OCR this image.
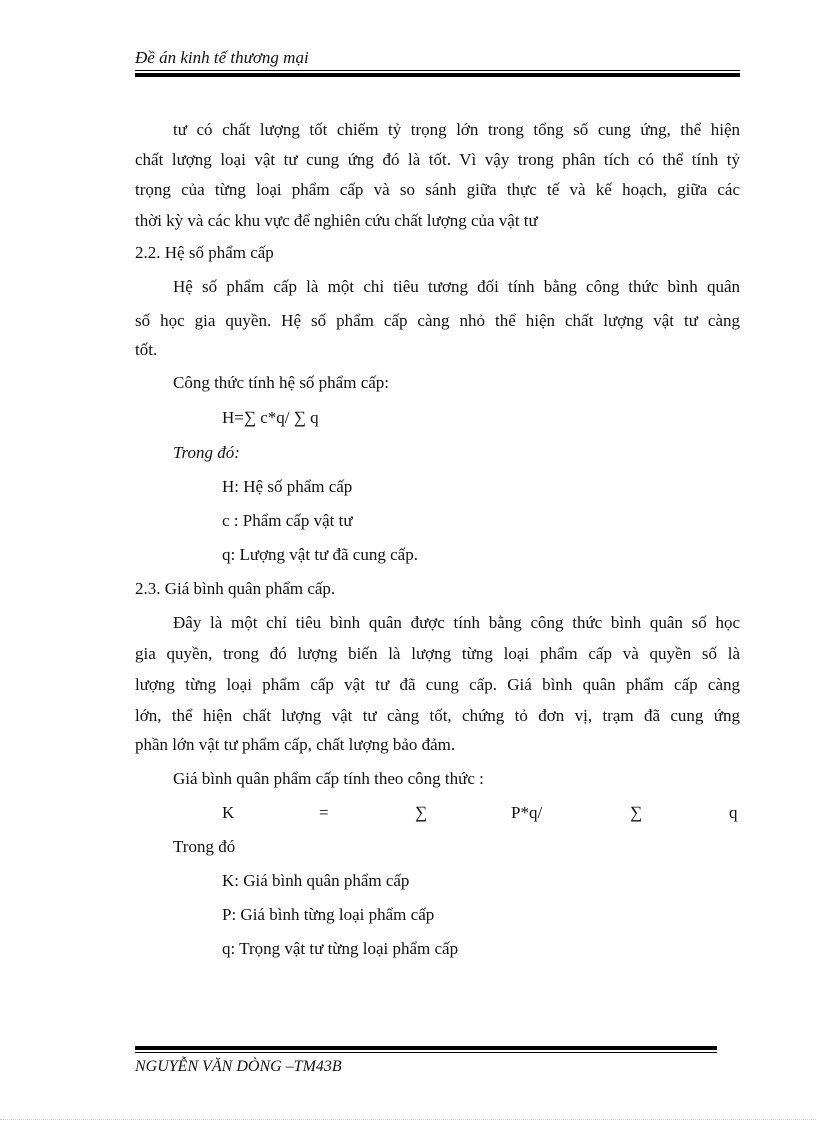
Đề án kinh tế thương mại
tư có chất lượng tốt chiếm tỷ trọng lớn trong tổng số cung ứng, thể hiện
chất lượng loại vật tư cung ứng đó là tốt. Vì vậy trong phân tích có thể tính tỷ
trọng của từng loại phẩm cấp và so sánh giữa thực tế và kế hoạch, giữa các
thời kỳ và các khu vực để nghiên cứu chất lượng của vật tư
2.2. Hệ số phẩm cấp
Hệ số phẩm cấp là một chỉ tiêu tương đối tính bằng công thức bình quân
số học gia quyền. Hệ số phẩm cấp càng nhỏ thể hiện chất lượng vật tư càng
tốt.
Công thức tính hệ số phẩm cấp:
H=∑ c*q/ ∑ q
Trong đó:
H: Hệ số phẩm cấp
c : Phẩm cấp vật tư
q: Lượng vật tư đã cung cấp.
2.3. Giá bình quân phẩm cấp.
Đây là một chỉ tiêu bình quân được tính bằng công thức bình quân số học
gia quyền, trong đó lượng biến là lượng từng loại phẩm cấp và quyền số là
lượng từng loại phẩm cấp vật tư đã cung cấp. Giá bình quân phẩm cấp càng
lớn, thể hiện chất lượng vật tư càng tốt, chứng tỏ đơn vị, trạm đã cung ứng
phần lớn vật tư phẩm cấp, chất lượng bảo đảm.
Giá bình quân phẩm cấp tính theo công thức :
K	=	∑	P*q/	∑	q
Trong đó
K: Giá bình quân phẩm cấp
P: Giá bình từng loại phẩm cấp
q: Trọng vật tư từng loại phẩm cấp
NGUYỄN VĂN DÒNG –TM43B
